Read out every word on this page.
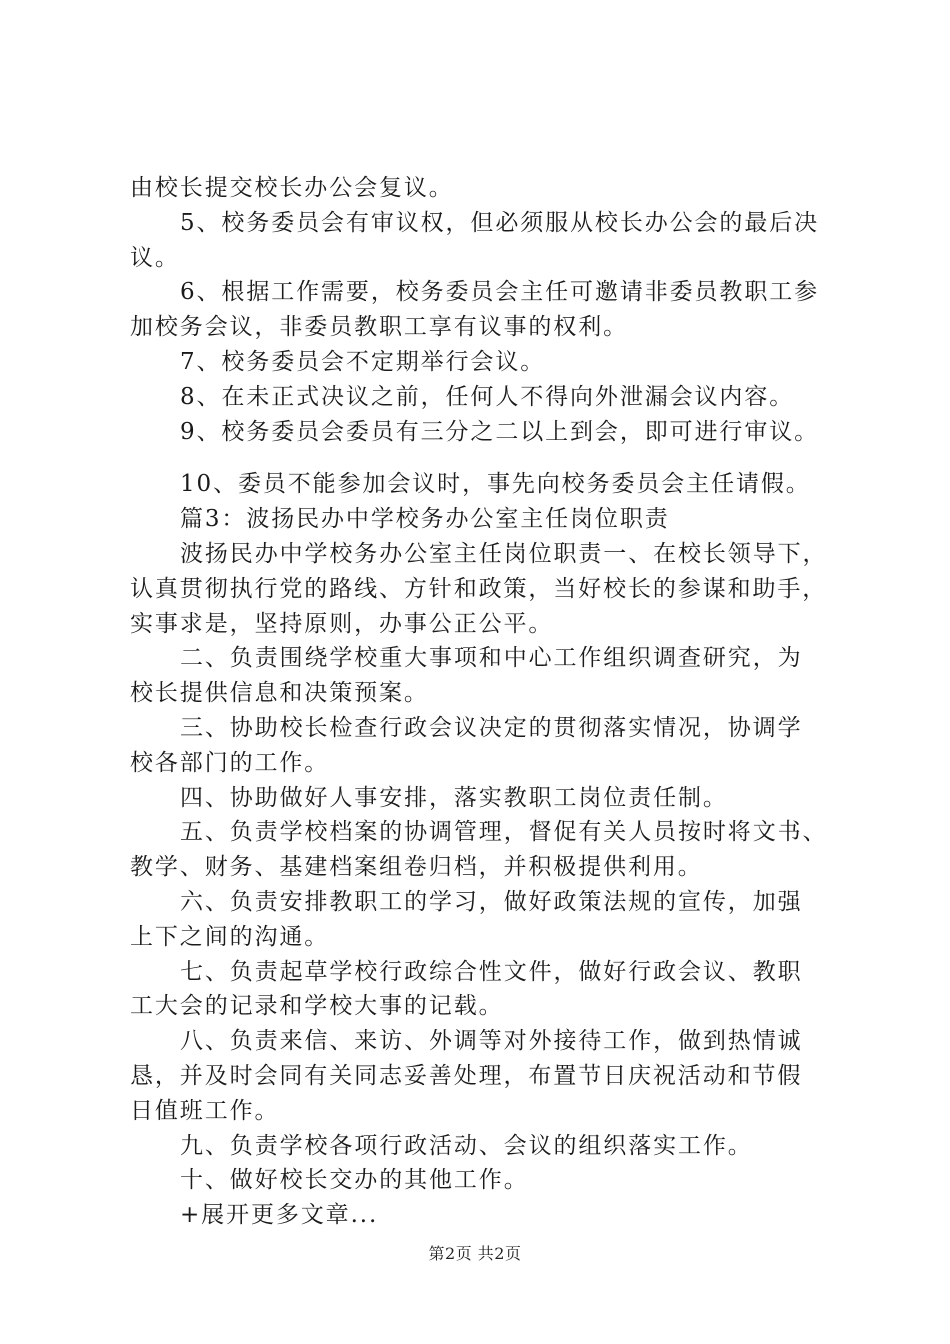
由校长提交校长办公会复议。
5、校务委员会有审议权，但必须服从校长办公会的最后决
议。
6、根据工作需要，校务委员会主任可邀请非委员教职工参
加校务会议，非委员教职工享有议事的权利。
7、校务委员会不定期举行会议。
8、在未正式决议之前，任何人不得向外泄漏会议内容。
9、校务委员会委员有三分之二以上到会，即可进行审议。
10、委员不能参加会议时，事先向校务委员会主任请假。
篇3：波扬民办中学校务办公室主任岗位职责
波扬民办中学校务办公室主任岗位职责一、在校长领导下，
认真贯彻执行党的路线、方针和政策，当好校长的参谋和助手，
实事求是，坚持原则，办事公正公平。
二、负责围绕学校重大事项和中心工作组织调查研究，为
校长提供信息和决策预案。
三、协助校长检查行政会议决定的贯彻落实情况，协调学
校各部门的工作。
四、协助做好人事安排，落实教职工岗位责任制。
五、负责学校档案的协调管理，督促有关人员按时将文书、
教学、财务、基建档案组卷归档，并积极提供利用。
六、负责安排教职工的学习，做好政策法规的宣传，加强
上下之间的沟通。
七、负责起草学校行政综合性文件，做好行政会议、教职
工大会的记录和学校大事的记载。
八、负责来信、来访、外调等对外接待工作，做到热情诚
恳，并及时会同有关同志妥善处理，布置节日庆祝活动和节假
日值班工作。
九、负责学校各项行政活动、会议的组织落实工作。
十、做好校长交办的其他工作。
+展开更多文章...
第2页 共2页
